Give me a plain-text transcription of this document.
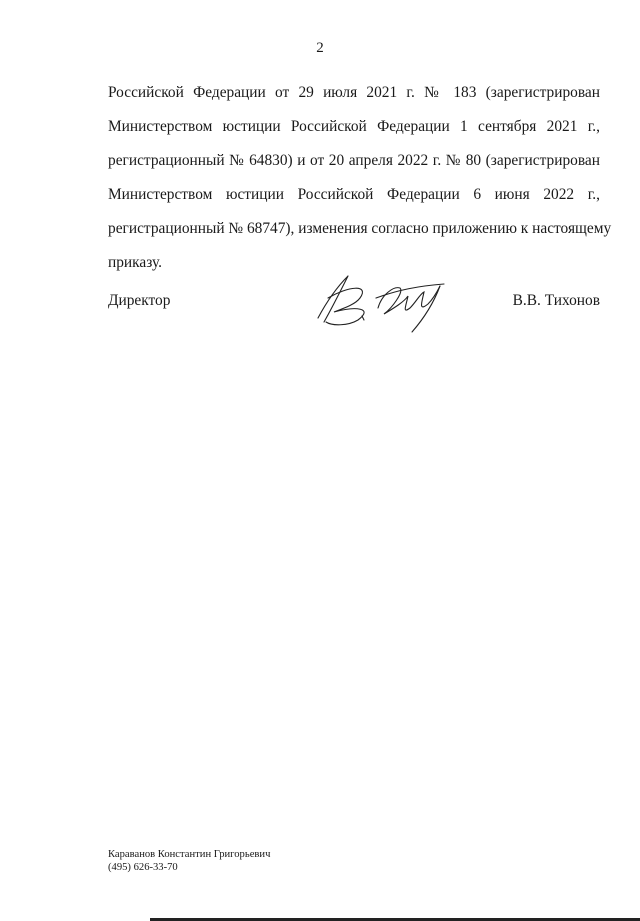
2
Российской Федерации от 29 июля 2021 г. № 183 (зарегистрирован
Министерством юстиции Российской Федерации 1 сентября 2021 г.,
регистрационный № 64830) и от 20 апреля 2022 г. № 80 (зарегистрирован
Министерством юстиции Российской Федерации 6 июня 2022 г.,
регистрационный № 68747), изменения согласно приложению к настоящему
приказу.
Директор	В.В. Тихонов
Караванов Константин Григорьевич
(495) 626-33-70
